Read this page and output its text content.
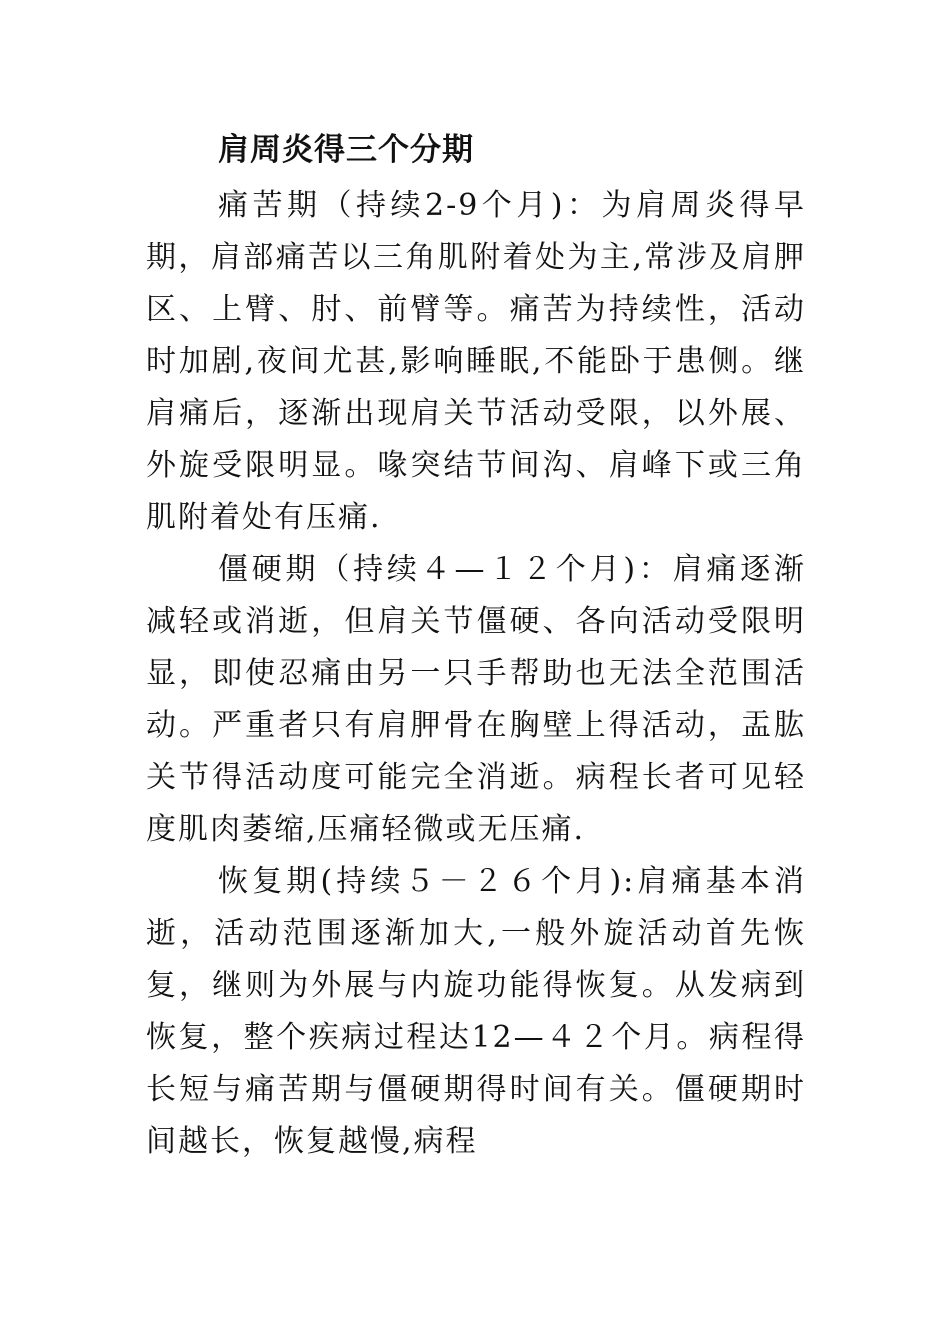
肩周炎得三个分期

痛苦期（持续2-9个月)：为肩周炎得早期，肩部痛苦以三角肌附着处为主,常涉及肩胛区、上臂、肘、前臂等。痛苦为持续性，活动时加剧,夜间尤甚,影响睡眠,不能卧于患侧。继肩痛后，逐渐出现肩关节活动受限，以外展、外旋受限明显。喙突结节间沟、肩峰下或三角肌附着处有压痛.

僵硬期（持续４—１２个月)：肩痛逐渐减轻或消逝，但肩关节僵硬、各向活动受限明显，即使忍痛由另一只手帮助也无法全范围活动。严重者只有肩胛骨在胸壁上得活动，盂肱关节得活动度可能完全消逝。病程长者可见轻度肌肉萎缩,压痛轻微或无压痛.

恢复期(持续５－２６个月):肩痛基本消逝，活动范围逐渐加大,一般外旋活动首先恢复，继则为外展与内旋功能得恢复。从发病到恢复，整个疾病过程达12—４２个月。病程得长短与痛苦期与僵硬期得时间有关。僵硬期时间越长，恢复越慢,病程
